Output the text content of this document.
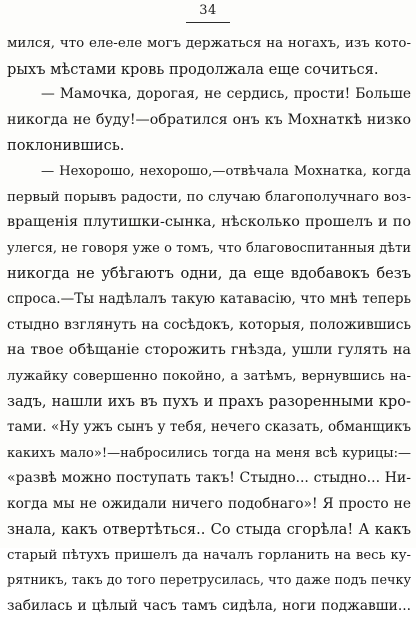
34
мился, что еле-еле могъ держаться на ногахъ, изъ кото-
рыхъ мѣстами кровь продолжала еще сочиться.
— Мамочка, дорогая, не сердись, прости! Больше
никогда не буду!—обратился онъ къ Мохнаткѣ низко
поклонившись.
— Нехорошо, нехорошо,—отвѣчала Мохнатка, когда
первый порывъ радости, по случаю благополучнаго воз-
вращенія плутишки-сынка, нѣсколько прошелъ и по
улегся, не говоря уже о томъ, что благовоспитанныя дѣти
никогда не убѣгаютъ одни, да еще вдобавокъ безъ
спроса.—Ты надѣлалъ такую катавасію, что мнѣ теперь
стыдно взглянуть на сосѣдокъ, которыя, положившись
на твое обѣщаніе сторожить гнѣзда, ушли гулять на
лужайку совершенно покойно, а затѣмъ, вернувшись на-
задъ, нашли ихъ въ пухъ и прахъ разоренными кро-
тами. «Ну ужъ сынъ у тебя, нечего сказать, обманщикъ
какихъ мало»!—набросились тогда на меня всѣ курицы:—
«развѣ можно поступать такъ! Стыдно... стыдно... Ни-
когда мы не ожидали ничего подобнаго»! Я просто не
знала, какъ отвертѣться.. Со стыда сгорѣла! А какъ
старый пѣтухъ пришелъ да началъ горланить на весь ку-
рятникъ, такъ до того перетрусилась, что даже подъ печку
забилась и цѣлый часъ тамъ сидѣла, ноги поджавши...
